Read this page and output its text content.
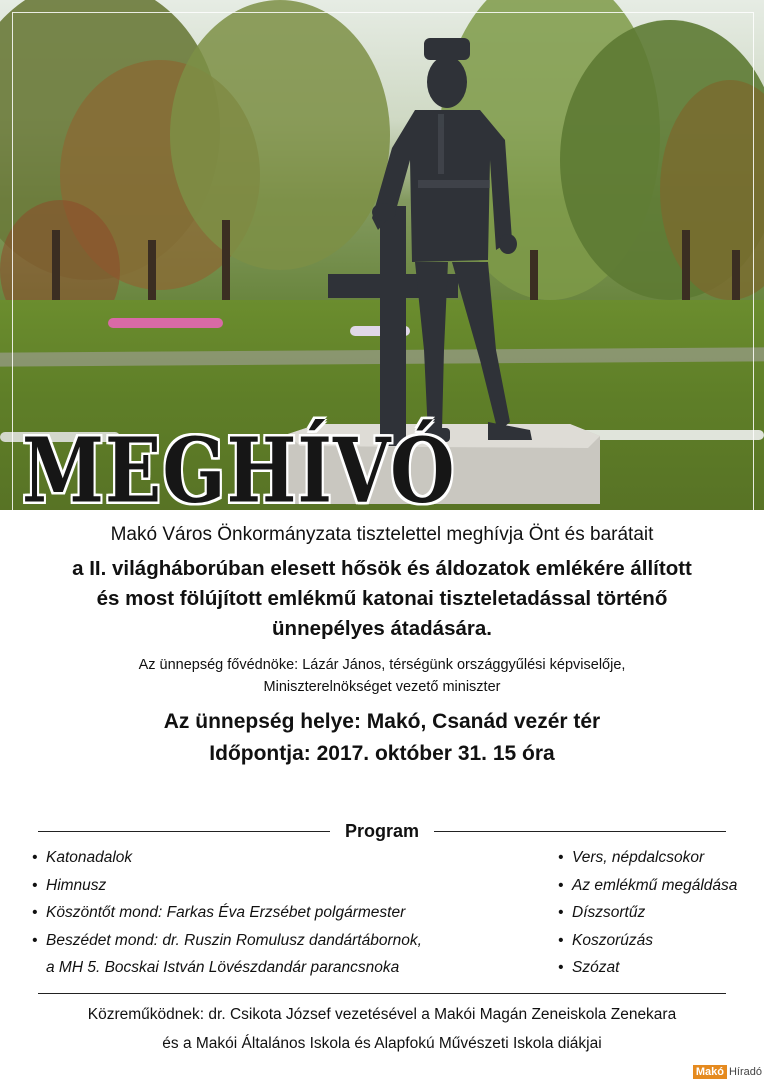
MEGHÍVÓ
Makó Város Önkormányzata tisztelettel meghívja Önt és barátait
a II. világháborúban elesett hősök és áldozatok emlékére állított
és most fölújított emlékmű katonai tiszteletadással történő
ünnepélyes átadására.
Az ünnepség fővédnöke: Lázár János, térségünk országgyűlési képviselője,
Miniszterelnökséget vezető miniszter
Az ünnepség helye: Makó, Csanád vezér tér
Időpontja: 2017. október 31. 15 óra
Program
• Katonadalok
• Himnusz
• Köszöntőt mond: Farkas Éva Erzsébet polgármester
• Beszédet mond: dr. Ruszin Romulusz dandártábornok,
a MH 5. Bocskai István Lövészdandár parancsnoka
• Vers, népdalcsokor
• Az emlékmű megáldása
• Díszsortűz
• Koszorúzás
• Szózat
Közreműködnek: dr. Csikota József vezetésével a Makói Magán Zeneiskola Zenekara
és a Makói Általános Iskola és Alapfokú Művészeti Iskola diákjai
Makó Híradó
